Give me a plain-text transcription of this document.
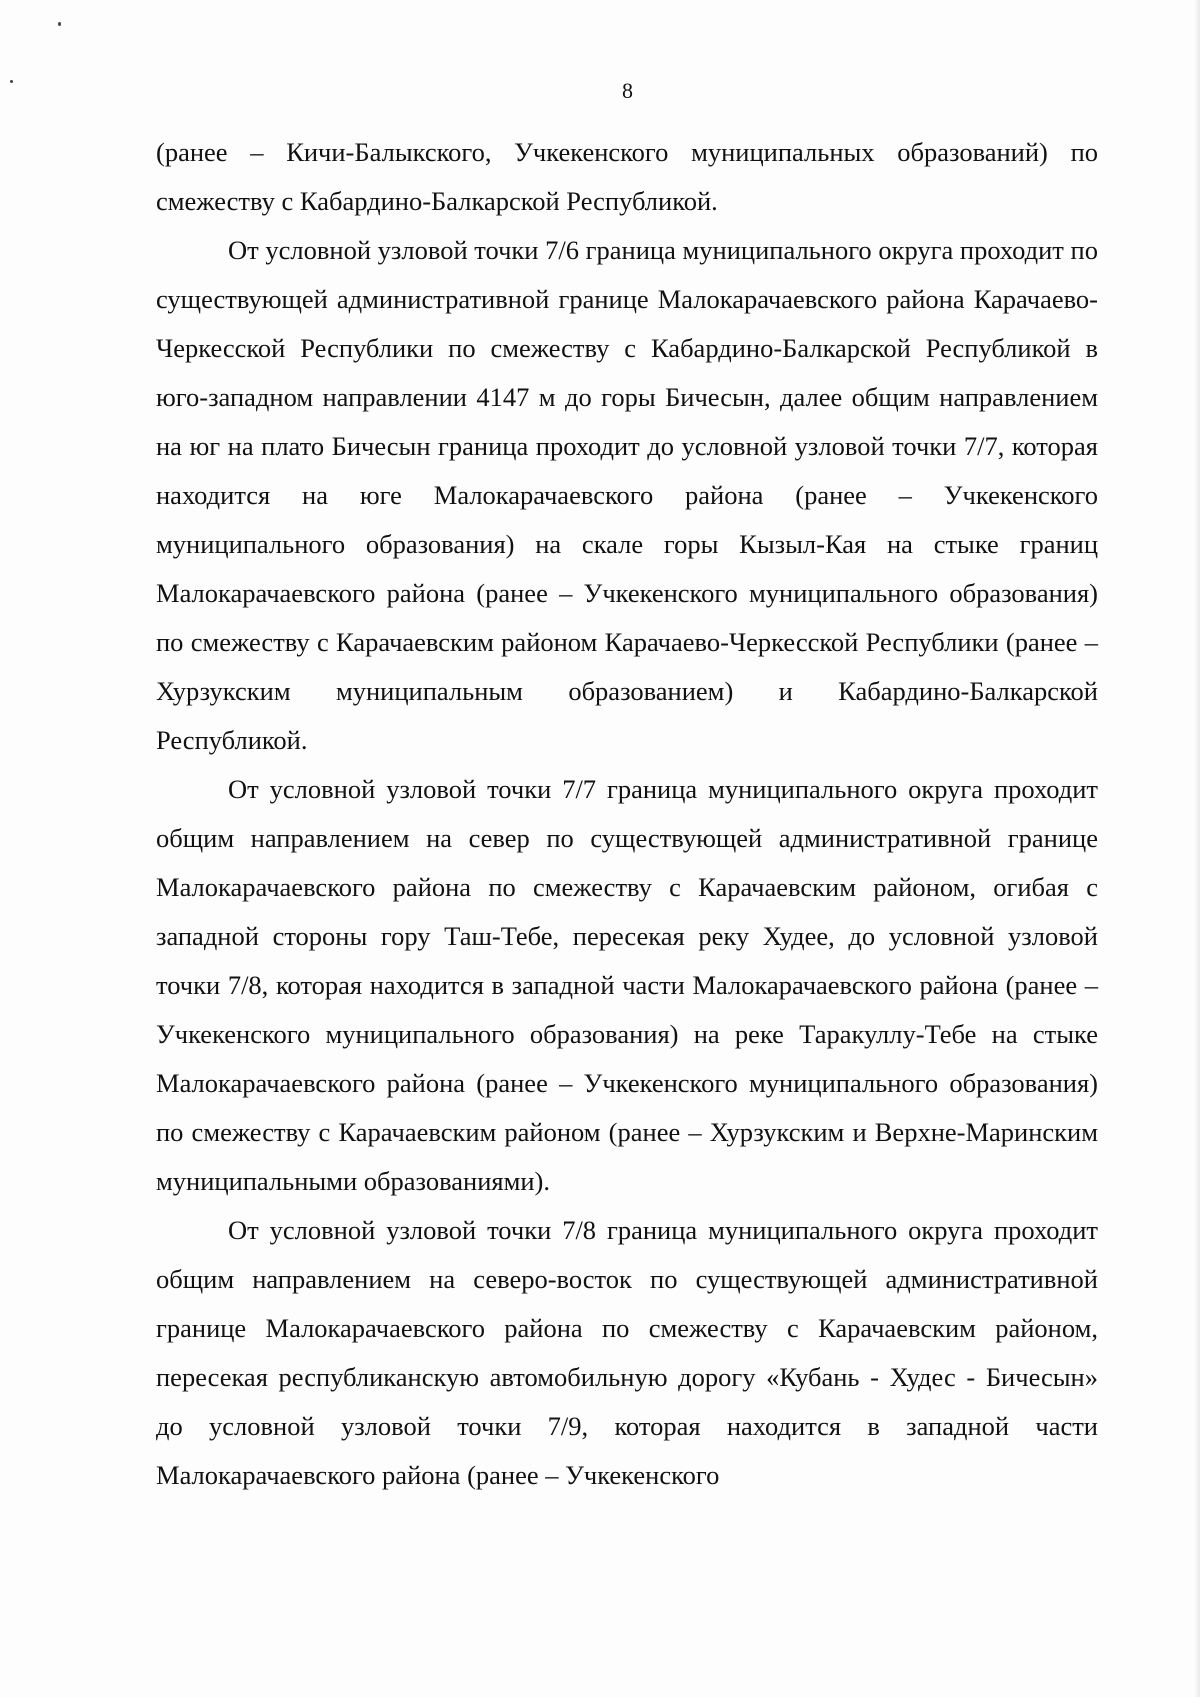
8

(ранее – Кичи-Балыкского, Учкекенского муниципальных образований) по смежеству с Кабардино-Балкарской Республикой.

От условной узловой точки 7/6 граница муниципального округа проходит по существующей административной границе Малокарачаевского района Карачаево-Черкесской Республики по смежеству с Кабардино-Балкарской Республикой в юго-западном направлении 4147 м до горы Бичесын, далее общим направлением на юг на плато Бичесын граница проходит до условной узловой точки 7/7, которая находится на юге Малокарачаевского района (ранее – Учкекенского муниципального образования) на скале горы Кызыл-Кая на стыке границ Малокарачаевского района (ранее – Учкекенского муниципального образования) по смежеству с Карачаевским районом Карачаево-Черкесской Республики (ранее – Хурзукским муниципальным образованием) и Кабардино-Балкарской Республикой.

От условной узловой точки 7/7 граница муниципального округа проходит общим направлением на север по существующей административной границе Малокарачаевского района по смежеству с Карачаевским районом, огибая с западной стороны гору Таш-Тебе, пересекая реку Худее, до условной узловой точки 7/8, которая находится в западной части Малокарачаевского района (ранее – Учкекенского муниципального образования) на реке Таракуллу-Тебе на стыке Малокарачаевского района (ранее – Учкекенского муниципального образования) по смежеству с Карачаевским районом (ранее – Хурзукским и Верхне-Маринским муниципальными образованиями).

От условной узловой точки 7/8 граница муниципального округа проходит общим направлением на северо-восток по существующей административной границе Малокарачаевского района по смежеству с Карачаевским районом, пересекая республиканскую автомобильную дорогу «Кубань - Худес - Бичесын» до условной узловой точки 7/9, которая находится в западной части Малокарачаевского района (ранее – Учкекенского
